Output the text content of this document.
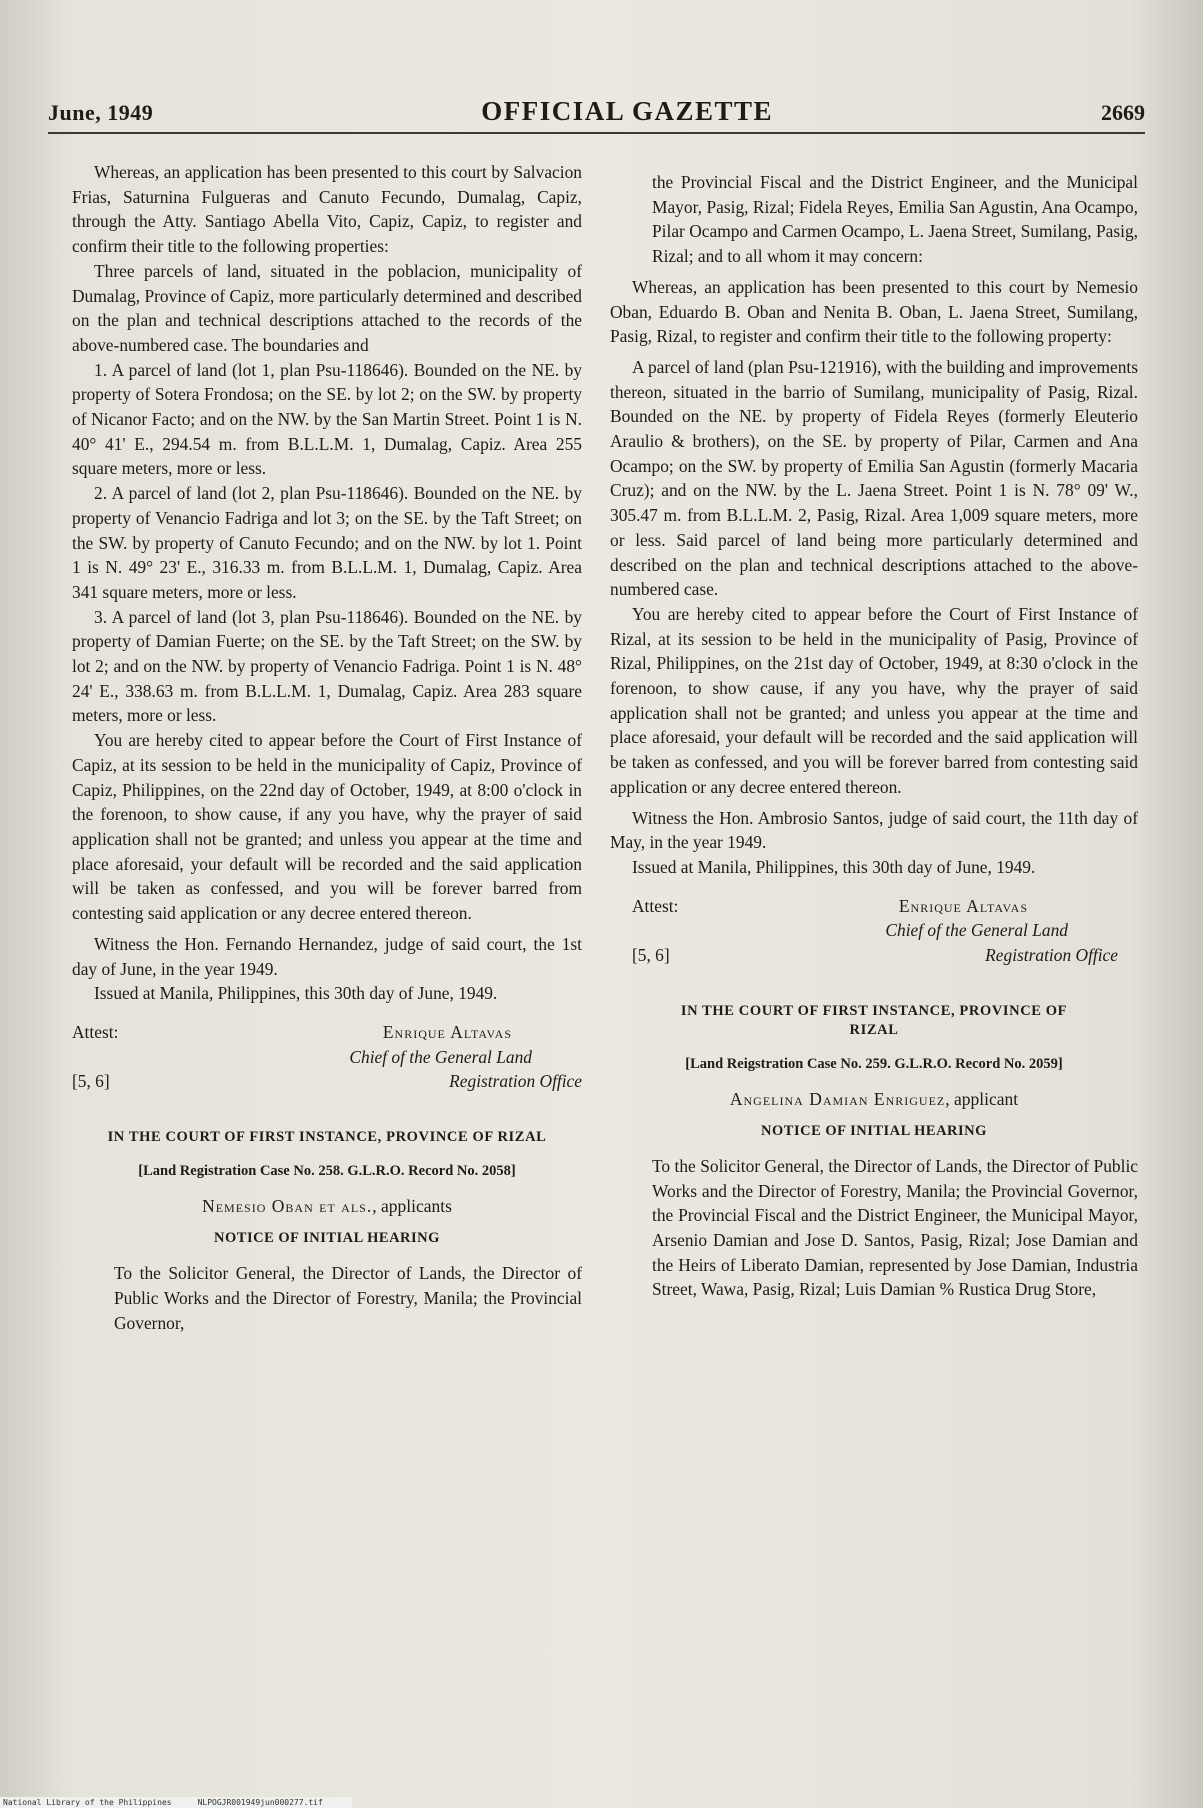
June, 1949	OFFICIAL GAZETTE	2669

Whereas, an application has been presented to this court by Salvacion Frias, Saturnina Fulgueras and Canuto Fecundo, Dumalag, Capiz, through the Atty. Santiago Abella Vito, Capiz, Capiz, to register and confirm their title to the following properties:

Three parcels of land, situated in the poblacion, municipality of Dumalag, Province of Capiz, more particularly determined and described on the plan and technical descriptions attached to the records of the above-numbered case. The boundaries and

1. A parcel of land (lot 1, plan Psu-118646). Bounded on the NE. by property of Sotera Frondosa; on the SE. by lot 2; on the SW. by property of Nicanor Facto; and on the NW. by the San Martin Street. Point 1 is N. 40° 41' E., 294.54 m. from B.L.L.M. 1, Dumalag, Capiz. Area 255 square meters, more or less.

2. A parcel of land (lot 2, plan Psu-118646). Bounded on the NE. by property of Venancio Fadriga and lot 3; on the SE. by the Taft Street; on the SW. by property of Canuto Fecundo; and on the NW. by lot 1. Point 1 is N. 49° 23' E., 316.33 m. from B.L.L.M. 1, Dumalag, Capiz. Area 341 square meters, more or less.

3. A parcel of land (lot 3, plan Psu-118646). Bounded on the NE. by property of Damian Fuerte; on the SE. by the Taft Street; on the SW. by lot 2; and on the NW. by property of Venancio Fadriga. Point 1 is N. 48° 24' E., 338.63 m. from B.L.L.M. 1, Dumalag, Capiz. Area 283 square meters, more or less.

You are hereby cited to appear before the Court of First Instance of Capiz, at its session to be held in the municipality of Capiz, Province of Capiz, Philippines, on the 22nd day of October, 1949, at 8:00 o'clock in the forenoon, to show cause, if any you have, why the prayer of said application shall not be granted; and unless you appear at the time and place aforesaid, your default will be recorded and the said application will be taken as confessed, and you will be forever barred from contesting said application or any decree entered thereon.

Witness the Hon. Fernando Hernandez, judge of said court, the 1st day of June, in the year 1949.

Issued at Manila, Philippines, this 30th day of June, 1949.

Attest:	Enrique Altavas
Chief of the General Land
[5, 6]	Registration Office
IN THE COURT OF FIRST INSTANCE, PROVINCE OF RIZAL
[Land Registration Case No. 258. G.L.R.O. Record No. 2058]
Nemesio Oban et als., applicants
NOTICE OF INITIAL HEARING

To the Solicitor General, the Director of Lands, the Director of Public Works and the Director of Forestry, Manila; the Provincial Governor,

the Provincial Fiscal and the District Engineer, and the Municipal Mayor, Pasig, Rizal; Fidela Reyes, Emilia San Agustin, Ana Ocampo, Pilar Ocampo and Carmen Ocampo, L. Jaena Street, Sumilang, Pasig, Rizal; and to all whom it may concern:

Whereas, an application has been presented to this court by Nemesio Oban, Eduardo B. Oban and Nenita B. Oban, L. Jaena Street, Sumilang, Pasig, Rizal, to register and confirm their title to the following property:

A parcel of land (plan Psu-121916), with the building and improvements thereon, situated in the barrio of Sumilang, municipality of Pasig, Rizal. Bounded on the NE. by property of Fidela Reyes (formerly Eleuterio Araulio & brothers), on the SE. by property of Pilar, Carmen and Ana Ocampo; on the SW. by property of Emilia San Agustin (formerly Macaria Cruz); and on the NW. by the L. Jaena Street. Point 1 is N. 78° 09' W., 305.47 m. from B.L.L.M. 2, Pasig, Rizal. Area 1,009 square meters, more or less. Said parcel of land being more particularly determined and described on the plan and technical descriptions attached to the above-numbered case.

You are hereby cited to appear before the Court of First Instance of Rizal, at its session to be held in the municipality of Pasig, Province of Rizal, Philippines, on the 21st day of October, 1949, at 8:30 o'clock in the forenoon, to show cause, if any you have, why the prayer of said application shall not be granted; and unless you appear at the time and place aforesaid, your default will be recorded and the said application will be taken as confessed, and you will be forever barred from contesting said application or any decree entered thereon.

Witness the Hon. Ambrosio Santos, judge of said court, the 11th day of May, in the year 1949.

Issued at Manila, Philippines, this 30th day of June, 1949.

Attest:	Enrique Altavas
Chief of the General Land
[5, 6]	Registration Office
IN THE COURT OF FIRST INSTANCE, PROVINCE OF RIZAL
[Land Reigstration Case No. 259. G.L.R.O. Record No. 2059]
Angelina Damian Enriguez, applicant
NOTICE OF INITIAL HEARING

To the Solicitor General, the Director of Lands, the Director of Public Works and the Director of Forestry, Manila; the Provincial Governor, the Provincial Fiscal and the District Engineer, the Municipal Mayor, Arsenio Damian and Jose D. Santos, Pasig, Rizal; Jose Damian and the Heirs of Liberato Damian, represented by Jose Damian, Industria Street, Wawa, Pasig, Rizal; Luis Damian % Rustica Drug Store,

National Library of the Philippines	NLPOGJR001949jun000277.tif
